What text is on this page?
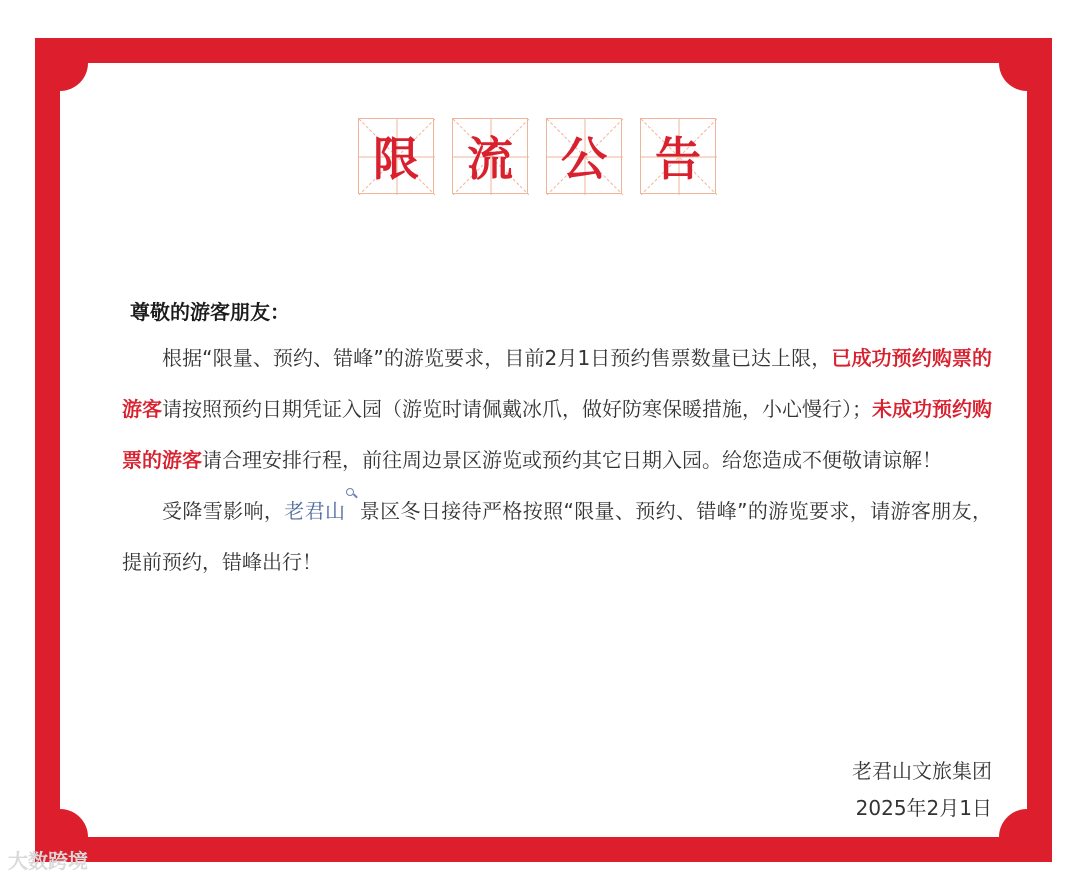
限	流	公	告
尊敬的游客朋友：

根据“限量、预约、错峰”的游览要求，目前2月1日预约售票数量已达上限，已成功预约购票的游客请按照预约日期凭证入园（游览时请佩戴冰爪，做好防寒保暖措施，小心慢行）；未成功预约购票的游客请合理安排行程，前往周边景区游览或预约其它日期入园。给您造成不便敬请谅解！

受降雪影响，老君山 景区冬日接待严格按照“限量、预约、错峰”的游览要求，请游客朋友，提前预约，错峰出行！

老君山文旅集团
2025年2月1日
大数跨境
